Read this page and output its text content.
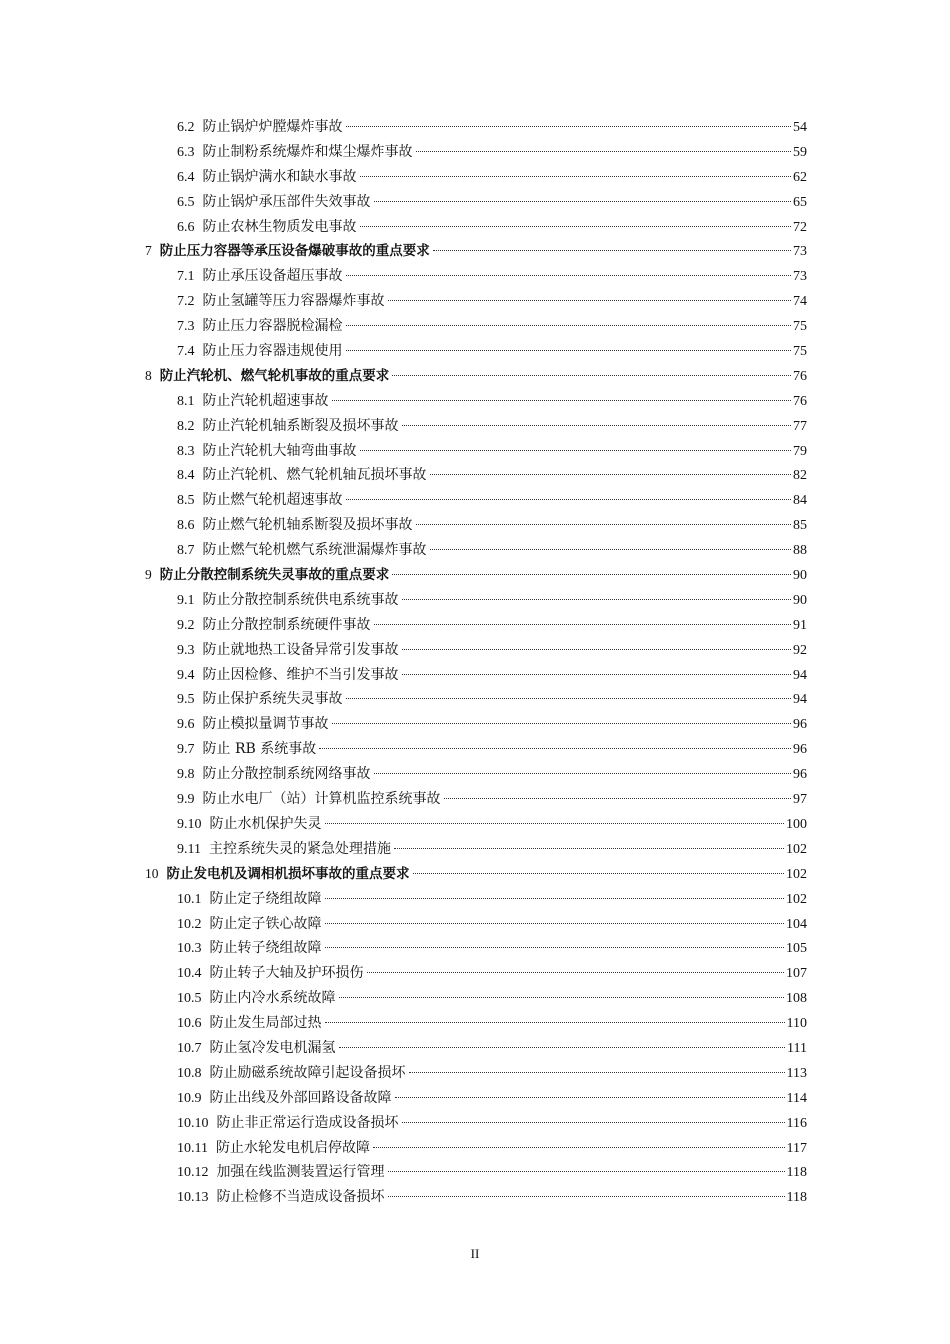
6.2 防止锅炉炉膛爆炸事故	54
6.3 防止制粉系统爆炸和煤尘爆炸事故	59
6.4 防止锅炉满水和缺水事故	62
6.5 防止锅炉承压部件失效事故	65
6.6 防止农林生物质发电事故	72
7 防止压力容器等承压设备爆破事故的重点要求	73
7.1 防止承压设备超压事故	73
7.2 防止氢罐等压力容器爆炸事故	74
7.3 防止压力容器脱检漏检	75
7.4 防止压力容器违规使用	75
8 防止汽轮机、燃气轮机事故的重点要求	76
8.1 防止汽轮机超速事故	76
8.2 防止汽轮机轴系断裂及损坏事故	77
8.3 防止汽轮机大轴弯曲事故	79
8.4 防止汽轮机、燃气轮机轴瓦损坏事故	82
8.5 防止燃气轮机超速事故	84
8.6 防止燃气轮机轴系断裂及损坏事故	85
8.7 防止燃气轮机燃气系统泄漏爆炸事故	88
9 防止分散控制系统失灵事故的重点要求	90
9.1 防止分散控制系统供电系统事故	90
9.2 防止分散控制系统硬件事故	91
9.3 防止就地热工设备异常引发事故	92
9.4 防止因检修、维护不当引发事故	94
9.5 防止保护系统失灵事故	94
9.6 防止模拟量调节事故	96
9.7 防止 RB 系统事故	96
9.8 防止分散控制系统网络事故	96
9.9 防止水电厂（站）计算机监控系统事故	97
9.10 防止水机保护失灵	100
9.11 主控系统失灵的紧急处理措施	102
10 防止发电机及调相机损坏事故的重点要求	102
10.1 防止定子绕组故障	102
10.2 防止定子铁心故障	104
10.3 防止转子绕组故障	105
10.4 防止转子大轴及护环损伤	107
10.5 防止内冷水系统故障	108
10.6 防止发生局部过热	110
10.7 防止氢冷发电机漏氢	111
10.8 防止励磁系统故障引起设备损坏	113
10.9 防止出线及外部回路设备故障	114
10.10 防止非正常运行造成设备损坏	116
10.11 防止水轮发电机启停故障	117
10.12 加强在线监测装置运行管理	118
10.13 防止检修不当造成设备损坏	118
II
